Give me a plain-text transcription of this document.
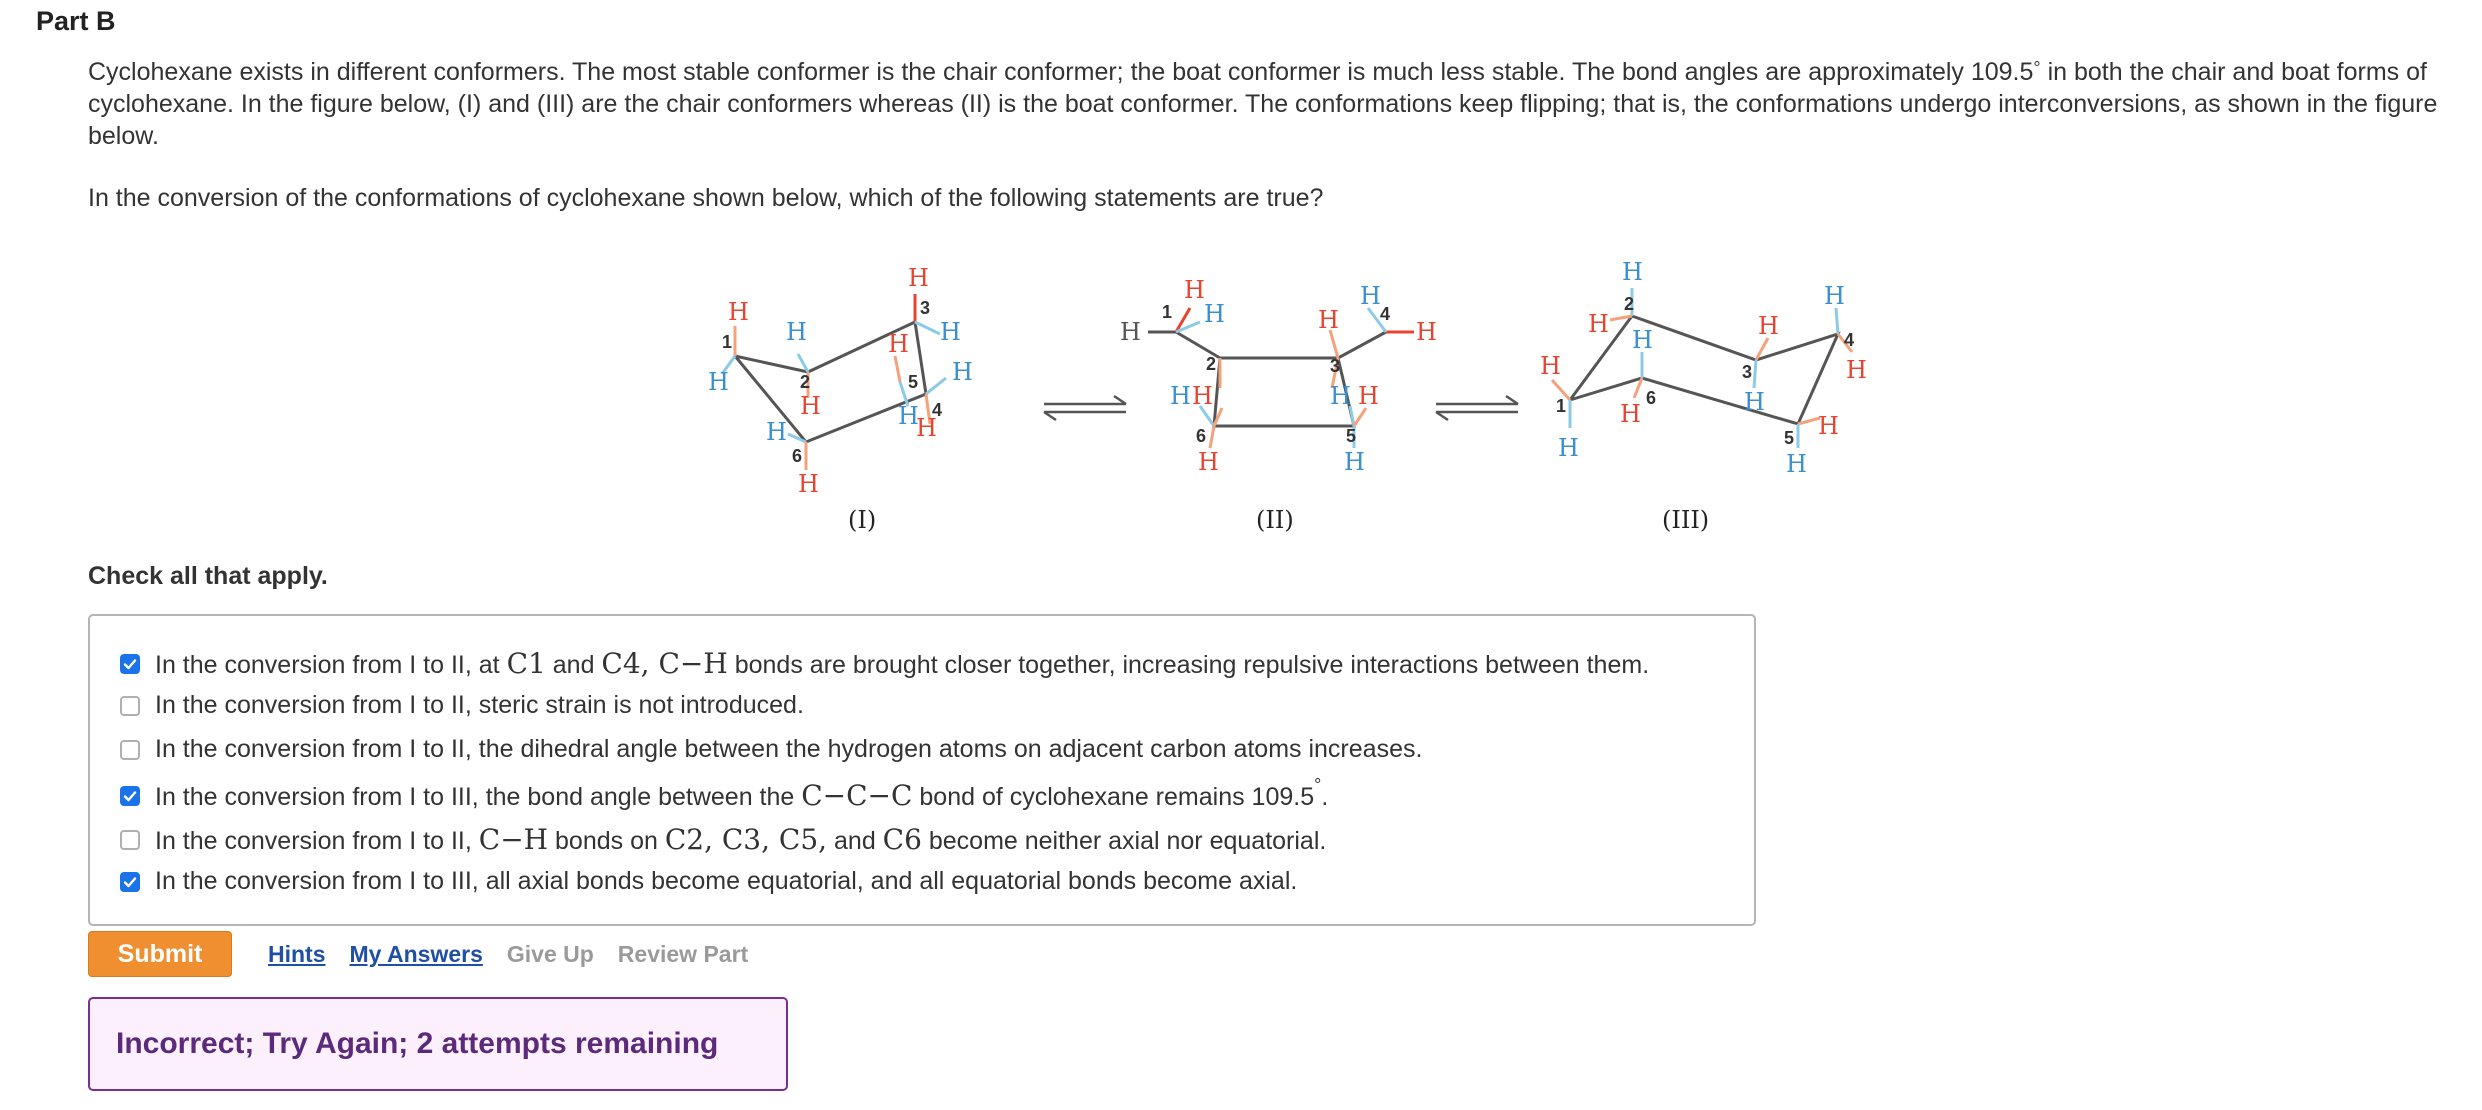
Part B

Cyclohexane exists in different conformers. The most stable conformer is the chair conformer; the boat conformer is much less stable. The bond angles are approximately 109.5° in both the chair and boat forms of cyclohexane. In the figure below, (I) and (III) are the chair conformers whereas (II) is the boat conformer. The conformations keep flipping; that is, the conformations undergo interconversions, as shown in the figure below.

In the conversion of the conformations of cyclohexane shown below, which of the following statements are true?

H
H
H
H
H
H
H
H
H
H
H
H
1
2
3
4
5
6
(I)
H
H
H
H
H	H
H H	H H
H	H
1
2	3
4
5
6
(II)
H
H
H
H
H
H
H
H
H
H
H
H
1
2
3
4
5
6
(III)

Check all that apply.

In the conversion from I to II, at C1 and C4, C−H bonds are brought closer together, increasing repulsive interactions between them.
In the conversion from I to II, steric strain is not introduced.
In the conversion from I to II, the dihedral angle between the hydrogen atoms on adjacent carbon atoms increases.
In the conversion from I to III, the bond angle between the C−C−C bond of cyclohexane remains 109.5°.
In the conversion from I to II, C−H bonds on C2, C3, C5, and C6 become neither axial nor equatorial.
In the conversion from I to III, all axial bonds become equatorial, and all equatorial bonds become axial.
Submit	Hints My Answers Give Up Review Part
Incorrect; Try Again; 2 attempts remaining
